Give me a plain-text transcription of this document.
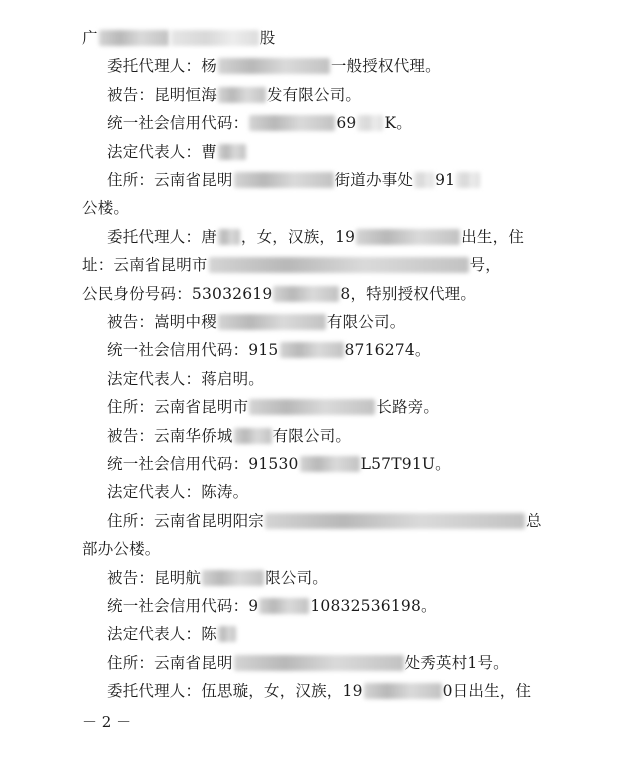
广	股
委托代理人：杨	一般授权代理。
被告：昆明恒海	发有限公司。
统一社会信用代码：	69 K。
法定代表人：曹
住所：云南省昆明	街道办事处 91
公楼。
委托代理人：唐 ，女，汉族，19	出生，住
址：云南省昆明市	号，
公民身份号码：53032619	8，特别授权代理。
被告：嵩明中稷	有限公司。
统一社会信用代码：915	8716274。
法定代表人：蒋启明。
住所：云南省昆明市	长路旁。
被告：云南华侨城	有限公司。
统一社会信用代码：91530	L57T91U。
法定代表人：陈涛。
住所：云南省昆明阳宗	总
部办公楼。
被告：昆明航	限公司。
统一社会信用代码：9	10832536198。
法定代表人：陈
住所：云南省昆明	处秀英村1号。
－ 2 －
委托代理人：伍思璇，女，汉族，19	0日出生，住
